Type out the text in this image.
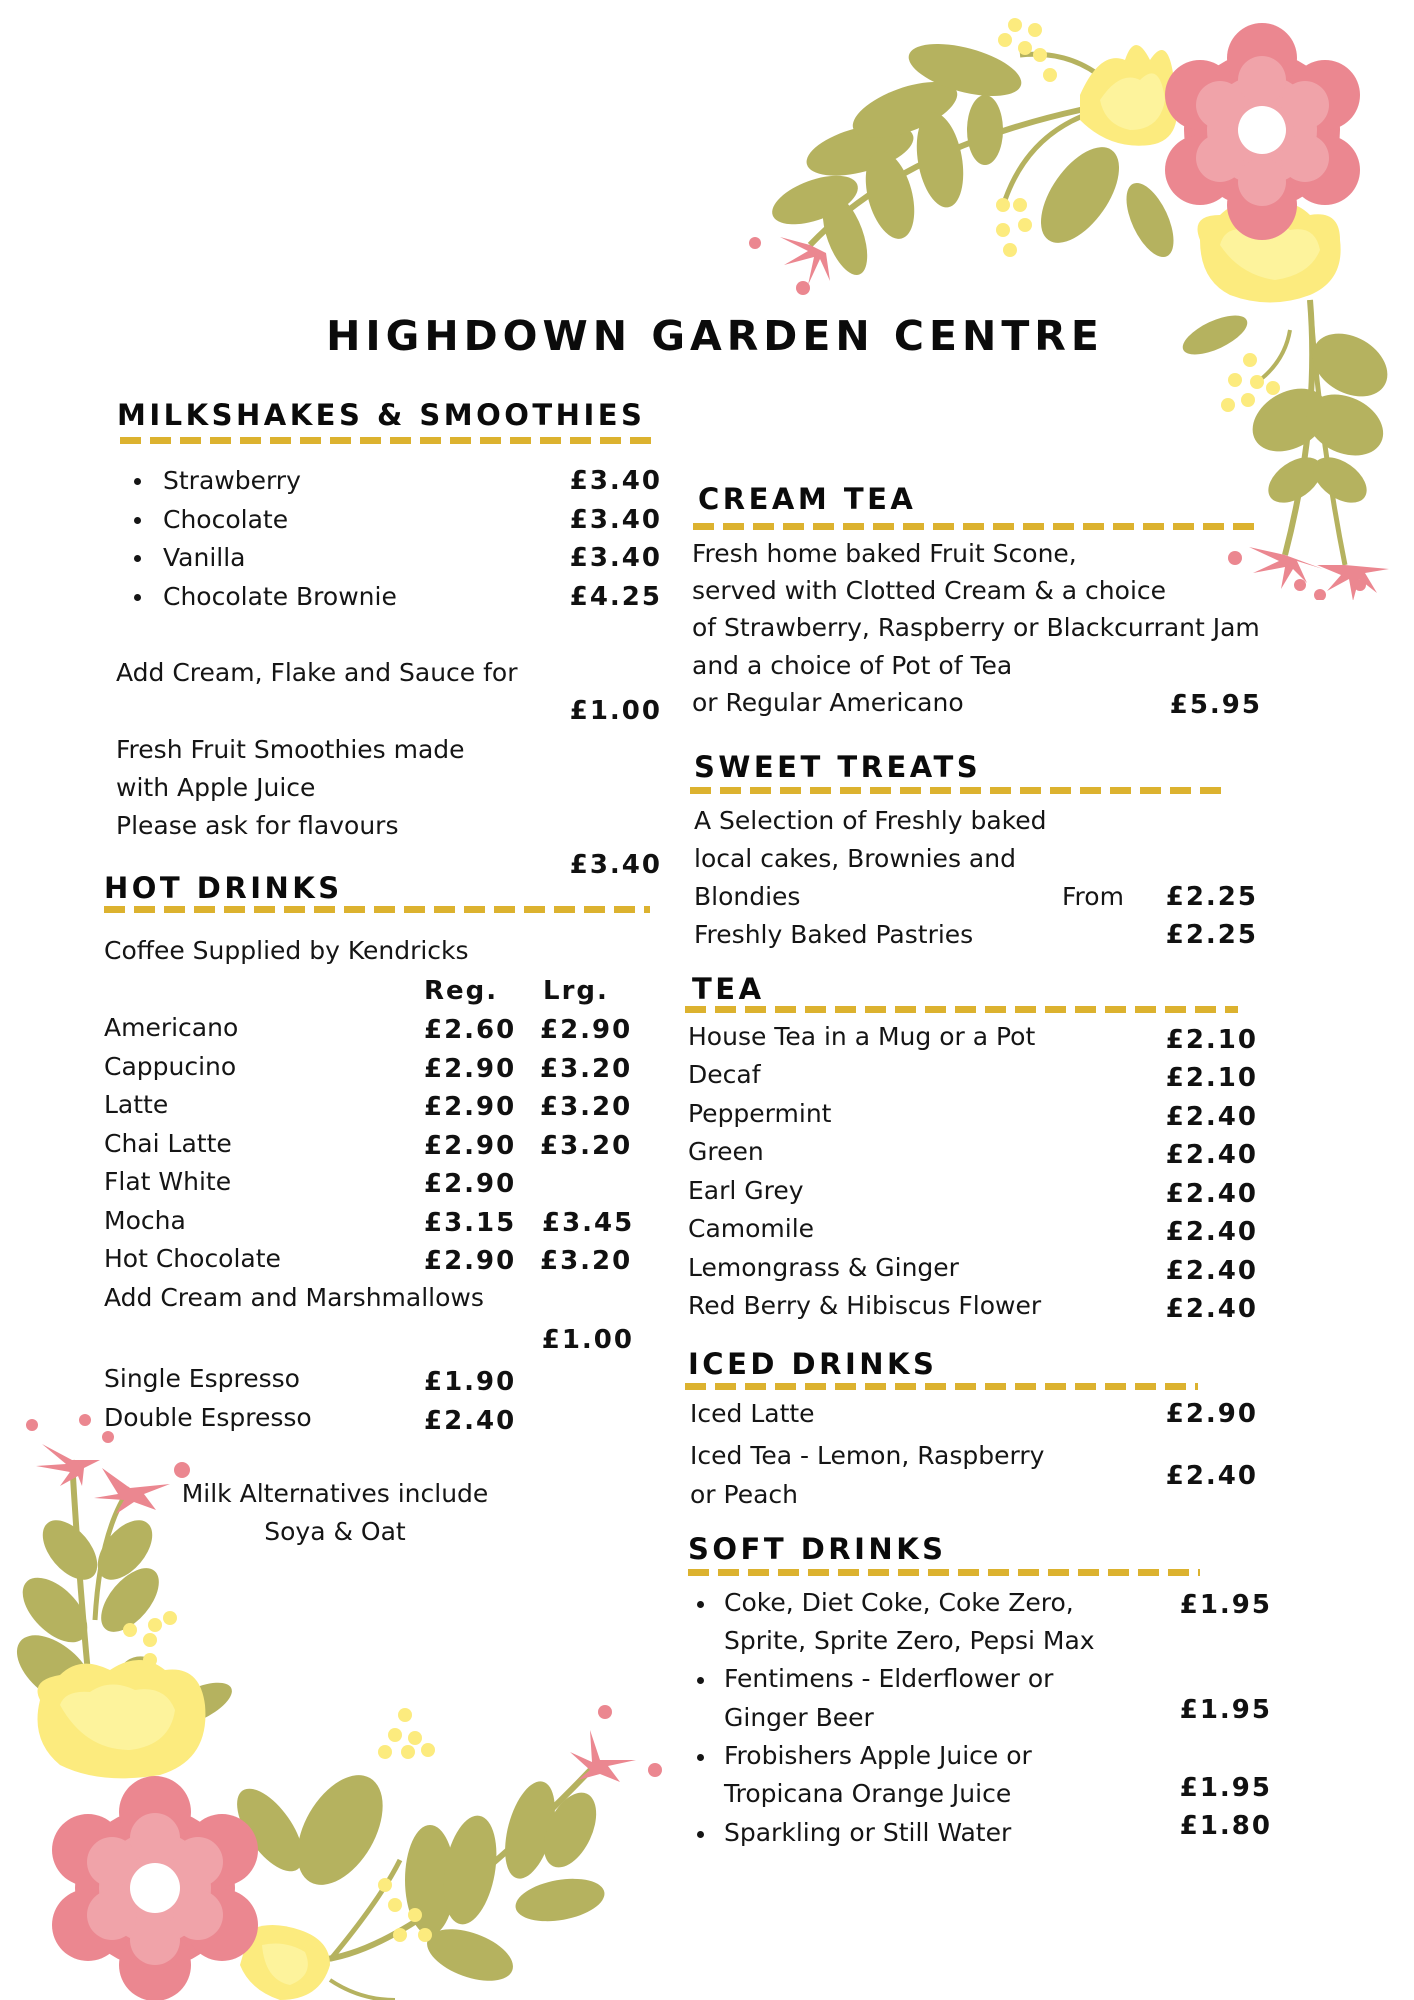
HIGHDOWN GARDEN CENTRE
MILKSHAKES & SMOOTHIES
Strawberry	£3.40
Chocolate	£3.40
Vanilla	£3.40
Chocolate Brownie	£4.25
Add Cream, Flake and Sauce for
£1.00
Fresh Fruit Smoothies made
with Apple Juice
Please ask for flavours
£3.40
HOT DRINKS
Coffee Supplied by Kendricks
Reg. Lrg.
Americano	£2.60 £2.90
Cappucino	£2.90 £3.20
Latte	£2.90 £3.20
Chai Latte	£2.90 £3.20
Flat White	£2.90
Mocha	£3.15 £3.45
Hot Chocolate	£2.90 £3.20
Add Cream and Marshmallows
£1.00
Single Espresso	£1.90
Double Espresso	£2.40
Milk Alternatives include
Soya & Oat
CREAM TEA
Fresh home baked Fruit Scone,
served with Clotted Cream & a choice
of Strawberry, Raspberry or Blackcurrant Jam
and a choice of Pot of Tea
or Regular Americano	£5.95
SWEET TREATS
A Selection of Freshly baked
local cakes, Brownies and
Blondies	From	£2.25
Freshly Baked Pastries	£2.25
TEA
House Tea in a Mug or a Pot	£2.10
Decaf	£2.10
Peppermint	£2.40
Green	£2.40
Earl Grey	£2.40
Camomile	£2.40
Lemongrass & Ginger	£2.40
Red Berry & Hibiscus Flower	£2.40
ICED DRINKS
Iced Latte	£2.90
Iced Tea - Lemon, Raspberry
or Peach
£2.40
SOFT DRINKS
Coke, Diet Coke, Coke Zero,
Sprite, Sprite Zero, Pepsi Max
£1.95
Fentimens - Elderflower or
Ginger Beer	£1.95
Frobishers Apple Juice or
Tropicana Orange Juice	£1.95
Sparkling or Still Water	£1.80
